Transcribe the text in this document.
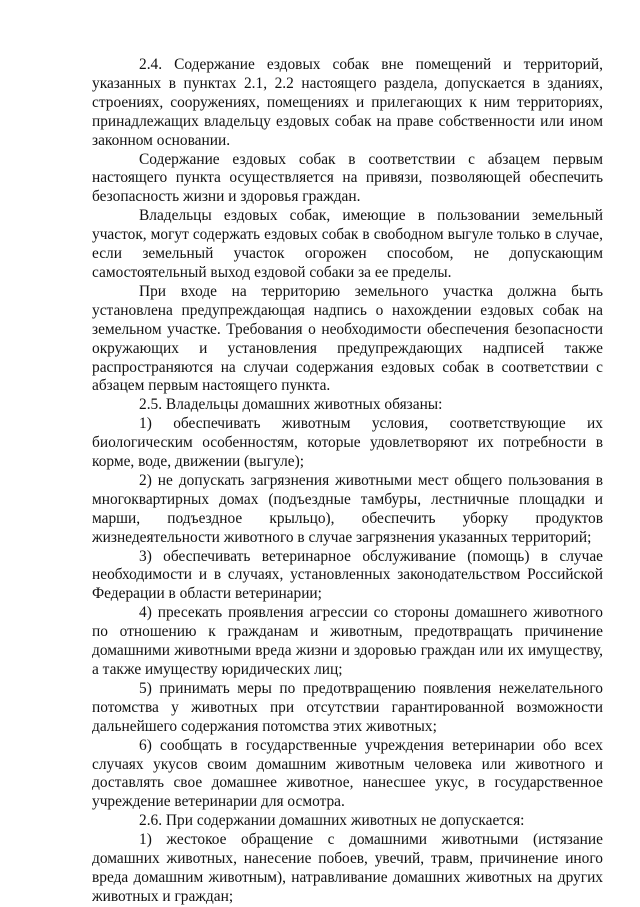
2.4. Содержание ездовых собак вне помещений и территорий, указанных в пунктах 2.1, 2.2 настоящего раздела, допускается в зданиях, строениях, сооружениях, помещениях и прилегающих к ним территориях, принадлежащих владельцу ездовых собак на праве собственности или ином законном основании.

Содержание ездовых собак в соответствии с абзацем первым настоящего пункта осуществляется на привязи, позволяющей обеспечить безопасность жизни и здоровья граждан.

Владельцы ездовых собак, имеющие в пользовании земельный участок, могут содержать ездовых собак в свободном выгуле только в случае, если земельный участок огорожен способом, не допускающим самостоятельный выход ездовой собаки за ее пределы.

При входе на территорию земельного участка должна быть установлена предупреждающая надпись о нахождении ездовых собак на земельном участке. Требования о необходимости обеспечения безопасности окружающих и установления предупреждающих надписей также распространяются на случаи содержания ездовых собак в соответствии с абзацем первым настоящего пункта.

2.5. Владельцы домашних животных обязаны:

1) обеспечивать животным условия, соответствующие их биологическим особенностям, которые удовлетворяют их потребности в корме, воде, движении (выгуле);

2) не допускать загрязнения животными мест общего пользования в многоквартирных домах (подъездные тамбуры, лестничные площадки и марши, подъездное крыльцо), обеспечить уборку продуктов жизнедеятельности животного в случае загрязнения указанных территорий;

3) обеспечивать ветеринарное обслуживание (помощь) в случае необходимости и в случаях, установленных законодательством Российской Федерации в области ветеринарии;

4) пресекать проявления агрессии со стороны домашнего животного по отношению к гражданам и животным, предотвращать причинение домашними животными вреда жизни и здоровью граждан или их имуществу, а также имуществу юридических лиц;

5) принимать меры по предотвращению появления нежелательного потомства у животных при отсутствии гарантированной возможности дальнейшего содержания потомства этих животных;

6) сообщать в государственные учреждения ветеринарии обо всех случаях укусов своим домашним животным человека или животного и доставлять свое домашнее животное, нанесшее укус, в государственное учреждение ветеринарии для осмотра.

2.6. При содержании домашних животных не допускается:

1) жестокое обращение с домашними животными (истязание домашних животных, нанесение побоев, увечий, травм, причинение иного вреда домашним животным), натравливание домашних животных на других животных и граждан;
